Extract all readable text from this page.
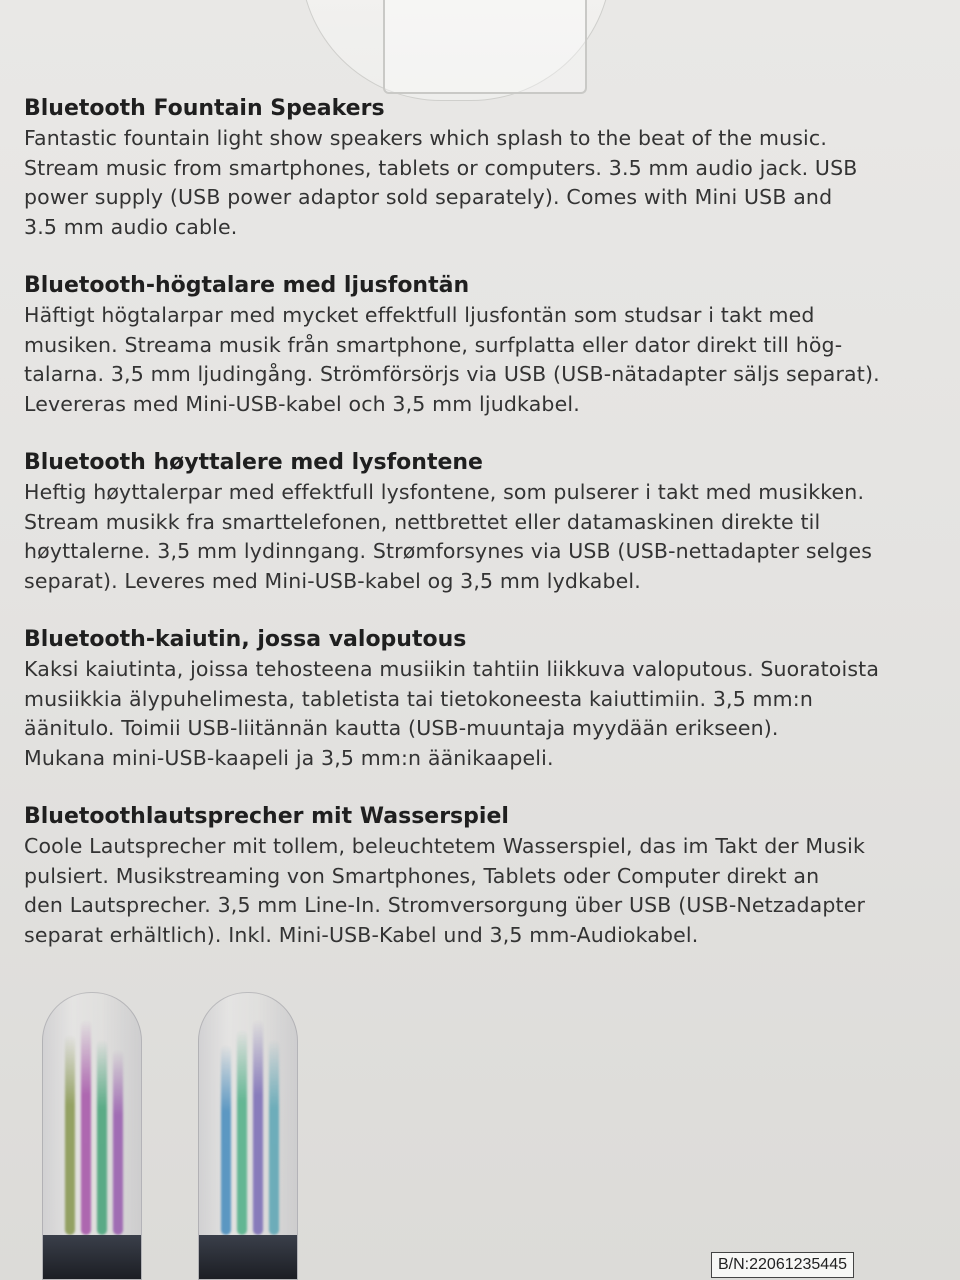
Bluetooth Fountain Speakers

Fantastic fountain light show speakers which splash to the beat of the music.

Stream music from smartphones, tablets or computers. 3.5 mm audio jack. USB

power supply (USB power adaptor sold separately). Comes with Mini USB and

3.5 mm audio cable.

Bluetooth-högtalare med ljusfontän

Häftigt högtalarpar med mycket effektfull ljusfontän som studsar i takt med

musiken. Streama musik från smartphone, surfplatta eller dator direkt till hög-

talarna. 3,5 mm ljudingång. Strömförsörjs via USB (USB-nätadapter säljs separat).

Levereras med Mini-USB-kabel och 3,5 mm ljudkabel.

Bluetooth høyttalere med lysfontene

Heftig høyttalerpar med effektfull lysfontene, som pulserer i takt med musikken.

Stream musikk fra smarttelefonen, nettbrettet eller datamaskinen direkte til

høyttalerne. 3,5 mm lydinngang. Strømforsynes via USB (USB-nettadapter selges

separat). Leveres med Mini-USB-kabel og 3,5 mm lydkabel.

Bluetooth-kaiutin, jossa valoputous

Kaksi kaiutinta, joissa tehosteena musiikin tahtiin liikkuva valoputous. Suoratoista

musiikkia älypuhelimesta, tabletista tai tietokoneesta kaiuttimiin. 3,5 mm:n

äänitulo. Toimii USB-liitännän kautta (USB-muuntaja myydään erikseen).

Mukana mini-USB-kaapeli ja 3,5 mm:n äänikaapeli.

Bluetoothlautsprecher mit Wasserspiel

Coole Lautsprecher mit tollem, beleuchtetem Wasserspiel, das im Takt der Musik

pulsiert. Musikstreaming von Smartphones, Tablets oder Computer direkt an

den Lautsprecher. 3,5 mm Line-In. Stromversorgung über USB (USB-Netzadapter

separat erhältlich). Inkl. Mini-USB-Kabel und 3,5 mm-Audiokabel.

B/N:22061235445
